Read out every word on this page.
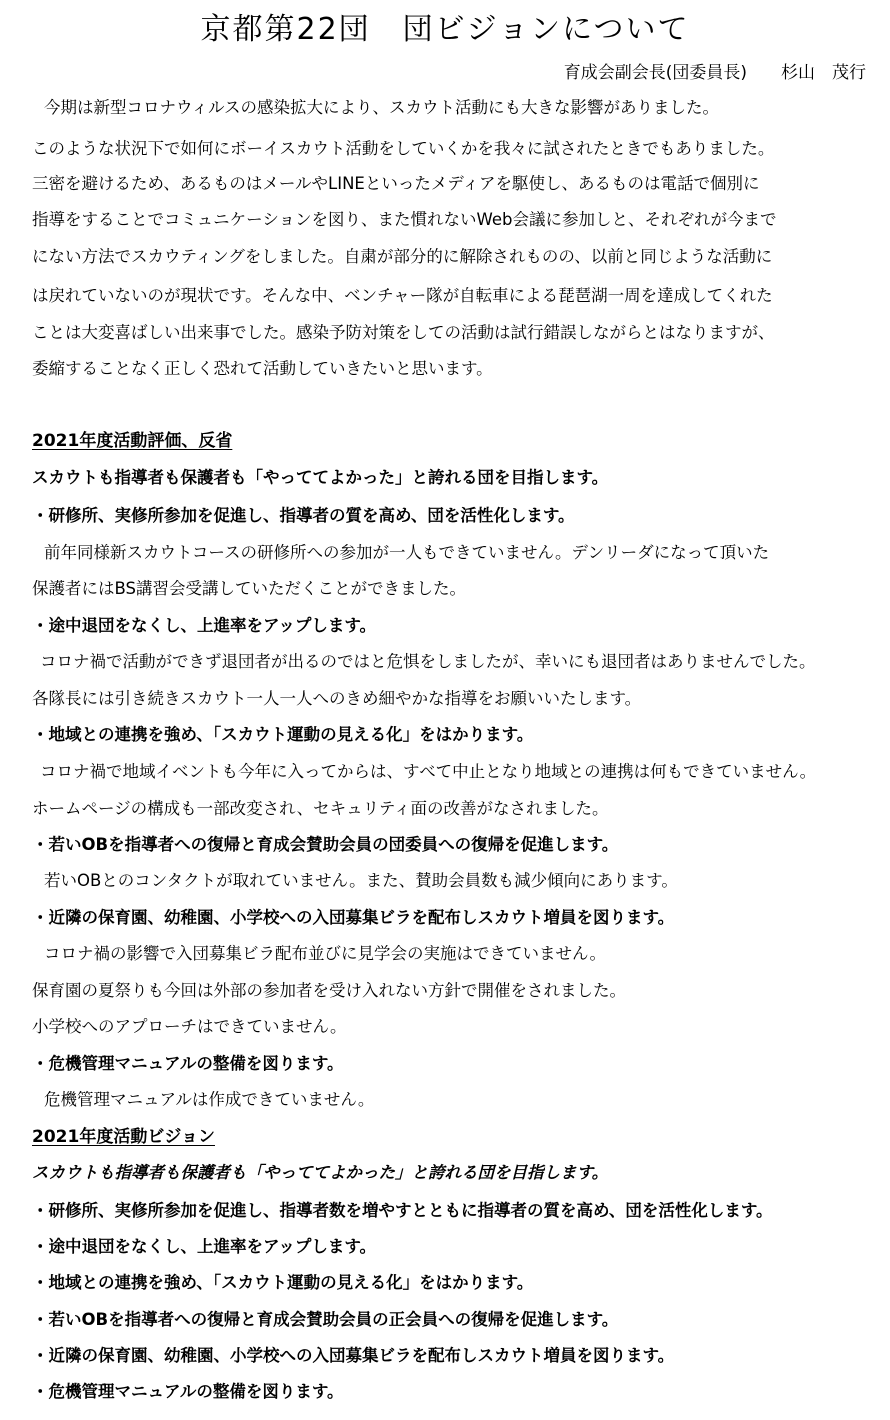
京都第22団　団ビジョンについて
育成会副会長(団委員長) 杉山　茂行
今期は新型コロナウィルスの感染拡大により、スカウト活動にも大きな影響がありました。
このような状況下で如何にボーイスカウト活動をしていくかを我々に試されたときでもありました。
三密を避けるため、あるものはメールやLINEといったメディアを駆使し、あるものは電話で個別に
指導をすることでコミュニケーションを図り、また慣れないWeb会議に参加しと、それぞれが今まで
にない方法でスカウティングをしました。自粛が部分的に解除されものの、以前と同じような活動に
は戻れていないのが現状です。そんな中、ベンチャー隊が自転車による琵琶湖一周を達成してくれた
ことは大変喜ばしい出来事でした。感染予防対策をしての活動は試行錯誤しながらとはなりますが、
委縮することなく正しく恐れて活動していきたいと思います。
2021年度活動評価、反省
スカウトも指導者も保護者も「やっててよかった」と誇れる団を目指します。
・研修所、実修所参加を促進し、指導者の質を高め、団を活性化します。
前年同様新スカウトコースの研修所への参加が一人もできていません。デンリーダになって頂いた
保護者にはBS講習会受講していただくことができました。
・途中退団をなくし、上進率をアップします。
コロナ禍で活動ができず退団者が出るのではと危惧をしましたが、幸いにも退団者はありませんでした。
各隊長には引き続きスカウト一人一人へのきめ細やかな指導をお願いいたします。
・地域との連携を強め、「スカウト運動の見える化」をはかります。
コロナ禍で地域イベントも今年に入ってからは、すべて中止となり地域との連携は何もできていません。
ホームページの構成も一部改変され、セキュリティ面の改善がなされました。
・若いOBを指導者への復帰と育成会賛助会員の団委員への復帰を促進します。
若いOBとのコンタクトが取れていません。また、賛助会員数も減少傾向にあります。
・近隣の保育園、幼稚園、小学校への入団募集ビラを配布しスカウト増員を図ります。
コロナ禍の影響で入団募集ビラ配布並びに見学会の実施はできていません。
保育園の夏祭りも今回は外部の参加者を受け入れない方針で開催をされました。
小学校へのアプローチはできていません。
・危機管理マニュアルの整備を図ります。
危機管理マニュアルは作成できていません。
2021年度活動ビジョン
スカウトも指導者も保護者も「やっててよかった」と誇れる団を目指します。
・研修所、実修所参加を促進し、指導者数を増やすとともに指導者の質を高め、団を活性化します。
・途中退団をなくし、上進率をアップします。
・地域との連携を強め、「スカウト運動の見える化」をはかります。
・若いOBを指導者への復帰と育成会賛助会員の正会員への復帰を促進します。
・近隣の保育園、幼稚園、小学校への入団募集ビラを配布しスカウト増員を図ります。
・危機管理マニュアルの整備を図ります。
